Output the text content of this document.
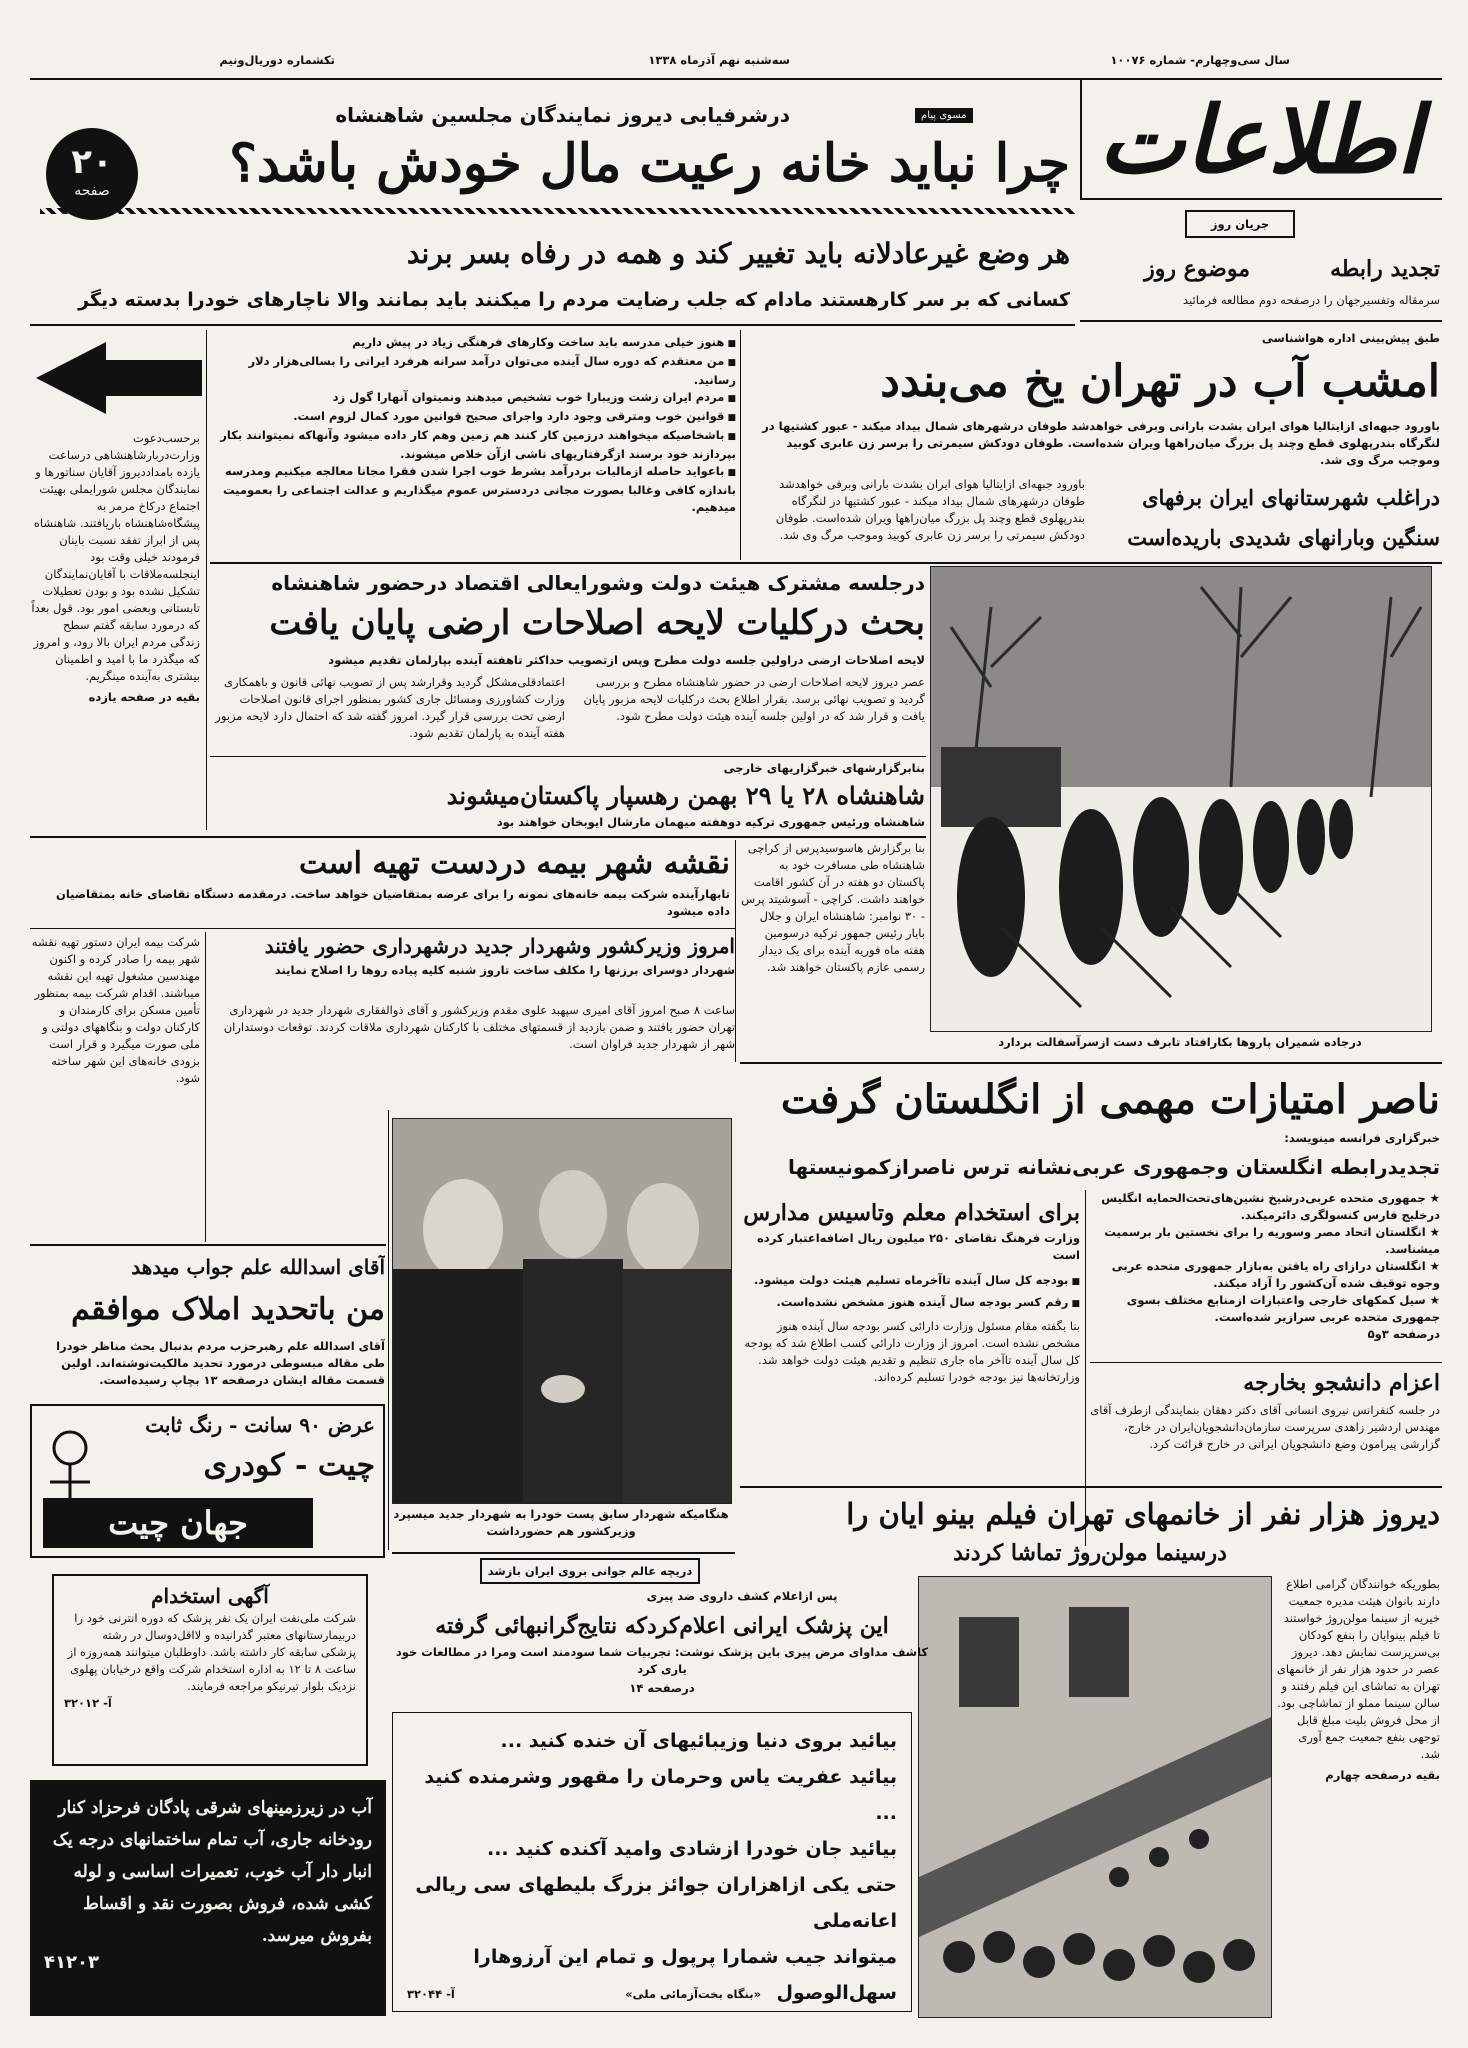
سال سی‌وچهارم- شماره ۱۰۰۷۶
سه‌شنبه نهم آذرماه ۱۳۳۸
تکشماره دوریال‌ونیم
اطلاعات
۲۰
صفحه
مسوی پیام
درشرفیابی دیروز نمایندگان مجلسین شاهنشاه
چرا نباید خانه رعیت مال خودش باشد؟
هر وضع غیرعادلانه باید تغییر کند و همه در رفاه بسر برند
کسانی که بر سر کارهستند مادام که جلب رضایت مردم را میکنند باید بمانند والا ناچارهای خودرا بدسته دیگر
برحسب‌دعوت وزارت‌دربارشاهنشاهی درساعت یازده بامداددیروز آقایان سناتورها و نمایندگان مجلس شورایملی بهیئت اجتماع درکاخ مرمر به پیشگاه‌شاهنشاه باریافتند. شاهنشاه پس از ابراز تفقد نسبت باینان فرمودند خیلی وقت بود اینجلسه‌ملاقات با آقایان‌نمایندگان تشکیل نشده بود و بودن تعطیلات تابستانی وبعضی امور بود. قول بعداً ‌که درمورد سابقه گفتم سطح زندگی مردم ایران بالا رود، و امروز که میگذرد ما با امید و اطمینان بیشتری به‌آینده مینگریم.
بقیه در صفحه یازده
■ هنوز خیلی مدرسه باید ساخت وکارهای فرهنگی زیاد در پیش داریم
■ من معتقدم که دوره سال آینده می‌توان درآمد سرانه هرفرد ایرانی را بسالی‌هزار دلار رسانید.
■ مردم ایران زشت وزیبارا خوب تشخیص میدهند ونمیتوان آنهارا گول زد
■ قوانین خوب ومترقی وجود دارد واجرای صحیح قوانین مورد کمال لزوم است.
■ باشخاصیکه میخواهند درزمین کار کنند هم زمین وهم کار داده میشود وآنهاکه نمیتوانند بکار بپردازند خود برسند ازگرفتاریهای ناشی ازآن خلاص میشوند.
■ باعواید حاصله ازمالیات بردرآمد بشرط خوب اجرا شدن فقرا مجانا معالجه میکنیم ومدرسه باندازه کافی وغالبا بصورت مجانی دردسترس عموم میگذاریم و عدالت اجتماعی را بعمومیت میدهیم.
جریان روز
تجدید رابطه
موضوع روز
سرمقاله وتفسیرجهان را درصفحه دوم مطالعه فرمائید
طبق پیش‌بینی اداره هواشناسی
امشب آب در تهران یخ می‌بندد
باورود جبهه‌ای ازایتالیا هوای ایران بشدت بارانی وبرفی خواهدشد طوفان درشهرهای شمال بیداد میکند - عبور کشتیها در لنگرگاه بندرپهلوی قطع وچند پل بزرگ میان‌راهها ویران شده‌است. طوفان دودکش سیمرتی را برسر زن عابری کوبید وموجب مرگ وی شد.
باورود جبهه‌ای ازایتالیا هوای ایران بشدت بارانی وبرفی خواهدشد طوفان درشهرهای شمال بیداد میکند - عبور کشتیها در لنگرگاه بندرپهلوی قطع وچند پل بزرگ میان‌راهها ویران شده‌است. طوفان دودکش سیمرتی را برسر زن عابری کوبید وموجب مرگ وی شد.
دراغلب شهرستانهای ایران برفهای سنگین وبارانهای شدیدی باریده‌است
درجاده شمیران پاروها بکارافتاد تابرف دست ازسرآسفالت بردارد
درجلسه مشترک هیئت دولت وشورایعالی اقتصاد درحضور شاهنشاه
بحث درکلیات لایحه اصلاحات ارضی پایان یافت
لایحه اصلاحات ارضی دراولین جلسه دولت مطرح وپس ازتصویب حداکثر تاهفته آینده بپارلمان تقدیم میشود
عصر دیروز لایحه اصلاحات ارضی در حضور شاهنشاه مطرح و بررسی گردید و تصویب نهائی برسد. بقرار اطلاع بحث درکلیات لایحه مزبور پایان یافت و قرار شد که در اولین جلسه آینده هیئت دولت مطرح شود.
اعتماد‌قلی‌مشکل گردید وقرارشد پس از تصویب نهائی قانون و باهمکاری وزارت کشاورزی ومسائل جاری کشور بمنظور اجرای قانون اصلاحات ارضی تحت بررسی قرار گیرد. امروز گفته شد که احتمال دارد لایحه مزبور هفته آینده به پارلمان تقدیم شود.
بنابرگزارشهای خبرگزاریهای خارجی
شاهنشاه ۲۸ یا ۲۹ بهمن رهسپار پاکستان‌میشوند
شاهنشاه ورئیس جمهوری ترکیه دوهفته میهمان مارشال ایوبخان خواهند بود
بنا برگزارش هاسوسیدپرس از کراچی شاهنشاه طی مسافرت خود به پاکستان دو هفته در آن کشور اقامت خواهند داشت. کراچی - آسوشیتد پرس - ۳۰ نوامبر: شاهنشاه ایران و جلال بایار رئیس جمهور ترکیه درسومین هفته ماه فوریه آینده برای یک دیدار رسمی عازم پاکستان خواهند شد.
نقشه شهر بیمه دردست تهیه است
تابهارآینده شرکت بیمه خانه‌های نمونه را برای عرضه بمتقاضیان خواهد ساخت. درمقدمه دستگاه تقاضای خانه بمتقاضیان داده میشود
شرکت بیمه ایران دستور تهیه نقشه شهر بیمه را صادر کرده و اکنون مهندسین مشغول تهیه این نقشه میباشند. اقدام شرکت بیمه بمنظور تأمین مسکن برای کارمندان و کارکنان دولت و بنگاههای دولتی و ملی صورت میگیرد و قرار است بزودی خانه‌های این شهر ساخته شود.
امروز وزیرکشور وشهردار جدید درشهرداری حضور یافتند
شهردار دوسرای برزنها را مکلف ساخت تاروز شنبه کلیه پیاده روها را اصلاح نمایند
ساعت ۸ صبح امروز آقای امیری سپهبد علوی مقدم وزیرکشور و آقای ذوالفقاری شهردار جدید در شهرداری تهران حضور یافتند و ضمن بازدید از قسمتهای مختلف با کارکنان شهرداری ملاقات کردند. توقعات دوستداران شهر از شهردار جدید فراوان است.
هنگامیکه شهردار سابق پست خودرا به شهردار جدید میسپرد وزیرکشور هم حضورداشت
ناصر امتیازات مهمی از انگلستان گرفت
خبرگزاری فرانسه مینویسد:
تجدیدرابطه انگلستان وجمهوری عربی‌نشانه ترس ناصرازکمونیستها
★ جمهوری متحده عربی‌درشیخ نشین‌های‌تحت‌الحمایه انگلیس درخلیج فارس کنسولگری دائرمیکند.
★ انگلستان اتحاد مصر وسوریه را برای نخستین بار برسمیت میشناسد.
★ انگلستان درازای راه یافتن به‌بازار جمهوری متحده عربی وجوه توقیف شده آن‌کشور را آزاد میکند.
★ سیل کمکهای خارجی واعتبارات ازمنابع مختلف بسوی جمهوری متحده عربی سرازیر شده‌است.
درصفحه ۳و۵
برای استخدام معلم وتاسیس مدارس
وزارت فرهنگ تقاضای ۲۵۰ میلیون ریال اضافه‌اعتبار کرده است
■ بودجه کل سال آینده تاآخرماه تسلیم هیئت دولت میشود.
■ رقم کسر بودجه سال آینده هنوز مشخص نشده‌است.
بنا بگفته مقام مسئول وزارت دارائی کسر بودجه سال آینده هنوز مشخص نشده است. امروز از وزارت دارائی کسب اطلاع شد که بودجه کل سال آینده تاآخر ماه جاری تنظیم و تقدیم هیئت دولت خواهد شد. وزارتخانه‌ها نیز بودجه خودرا تسلیم کرده‌اند.	اعزام دانشجو بخارجه
در جلسه کنفرانس نیروی انسانی آقای دکتر دهقان بنمایندگی ازطرف آقای مهندس اردشیر زاهدی سرپرست سازمان‌دانشجویان‌ایران در خارج، گزارشی پیرامون وضع دانشجویان ایرانی در خارج قرائت کرد.
دیروز هزار نفر از خانمهای تهران فیلم بینو ایان را
درسینما مولن‌روژ تماشا کردند
بطوریکه خوانندگان گرامی اطلاع دارند بانوان هیئت مدیره جمعیت خیریه از سینما مولن‌روژ خواستند تا فیلم بینوایان را بنفع کودکان بی‌سرپرست نمایش دهد. دیروز عصر در حدود هزار نفر از خانمهای تهران به تماشای این فیلم رفتند و سالن سینما مملو از تماشاچی بود. از محل فروش بلیت مبلغ قابل توجهی بنفع جمعیت جمع آوری شد.
بقیه درصفحه چهارم
آقای اسدالله علم جواب میدهد
من باتحدید املاک موافقم
آقای اسدالله علم رهبرحزب مردم بدنبال بحث مناظر خودرا طی مقاله مبسوطی درمورد تحدید مالکیت‌نوشته‌اند. اولین قسمت مقاله ایشان درصفحه ۱۳ بچاپ رسیده‌است.
عرض ۹۰ سانت - رنگ ثابت
چیت - کودری
جهان چیت
آگهی استخدام
شرکت ملی‌نفت ایران یک نفر پزشک که دوره انترنی خود را دربیمارستانهای معتبر گذرانیده و لااقل‌دوسال در رشته پزشکی سابقه کار داشته باشد. داوطلبان میتوانند همه‌روزه از ساعت ۸ تا ۱۲ به اداره استخدام شرکت واقع درخیابان پهلوی نزدیک بلوار تیرنیکو مراجعه فرمایند.
آ- ۳۲۰۱۲
آب در زیرزمینهای شرقی پادگان فرحزاد کنار رودخانه جاری، آب تمام ساختمانهای درجه یک انبار دار آب خوب، تعمیرات اساسی و لوله کشی شده، فروش بصورت نقد و اقساط بفروش میرسد.
۴۱۲۰۳
دریچه عالم جوانی بروی ایران بازشد
پس ازاعلام کشف داروی ضد پیری
این پزشک ایرانی اعلام‌کردکه نتایج‌گرانبهائی گرفته
کاشف مداوای مرض پیری باین پزشک نوشت: تجربیات شما سودمند است ومرا در مطالعات خود یاری کرد
درصفحه ۱۴
بیائید بروی دنیا وزیبائیهای آن خنده کنید ...
بیائید عفریت یاس وحرمان را مقهور وشرمنده کنید ...
بیائید جان خودرا ازشادی وامید آکنده کنید ...
حتی یکی ازاهزاران جوائز بزرگ بلیطهای سی ریالی اعانه‌ملی
میتواند جیب شمارا پرپول و تمام این آرزوهارا سهل‌الوصول
«بنگاه بخت‌آزمائی ملی»
آ- ۳۲۰۴۴
